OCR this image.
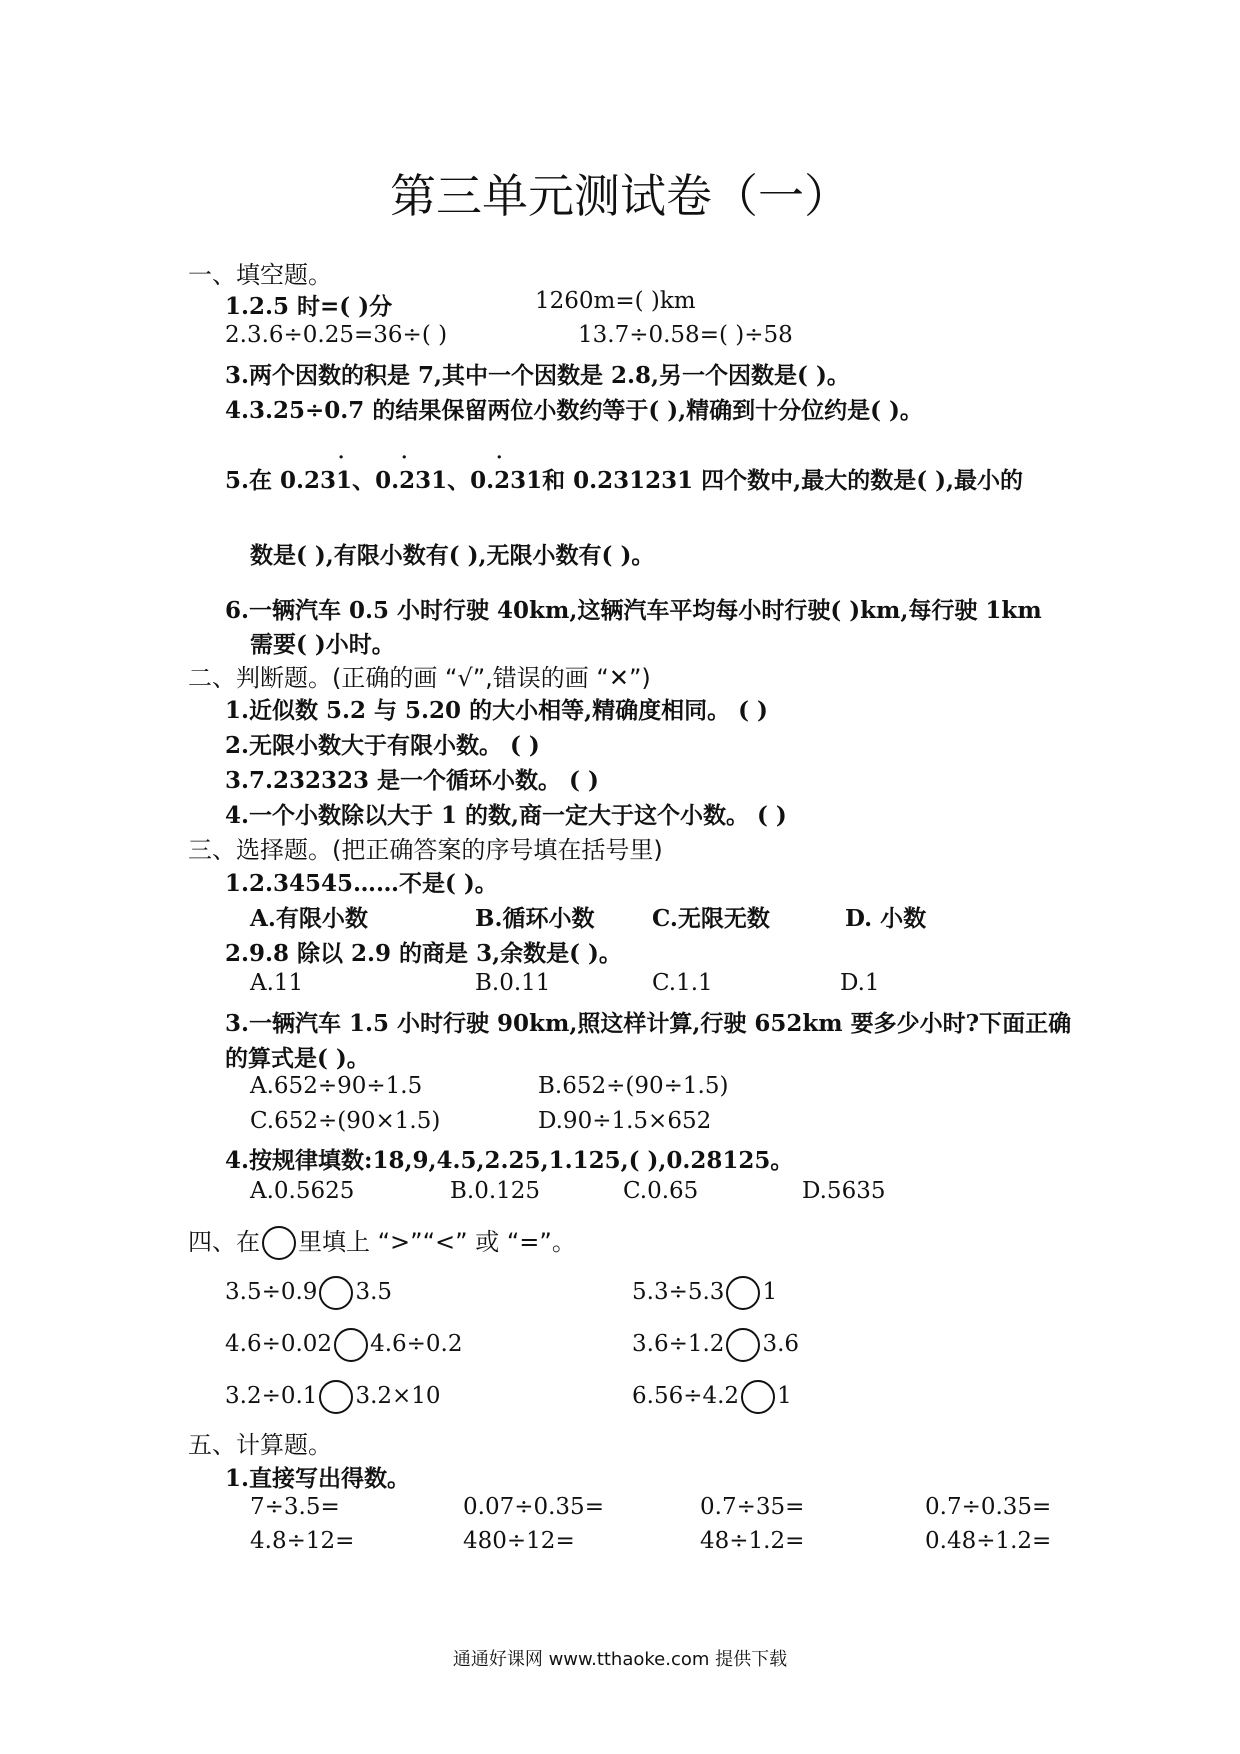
第三单元测试卷（一）
一、填空题。
1.2.5 时=( )分	1260m=( )km
2.3.6÷0.25=36÷( )	13.7÷0.58=( )÷58
3.两个因数的积是 7,其中一个因数是 2.8,另一个因数是( )。
4.3.25÷0.7 的结果保留两位小数约等于( ),精确到十分位约是( )。
5.在 0.23· 1、0.· 231、0.· 231和 0.231231 四个数中,最大的数是( ),最小的
数是( ),有限小数有( ),无限小数有( )。
6.一辆汽车 0.5 小时行驶 40km,这辆汽车平均每小时行驶( )km,每行驶 1km
需要( )小时。
二、判断题。(正确的画 “√”,错误的画 “✕”)
1.近似数 5.2 与 5.20 的大小相等,精确度相同。 ( )
2.无限小数大于有限小数。 ( )
3.7.232323 是一个循环小数。 ( )
4.一个小数除以大于 1 的数,商一定大于这个小数。 ( )
三、选择题。(把正确答案的序号填在括号里)
1.2.34545……不是( )。
A.有限小数	B.循环小数	C.无限无数	D. 小数
2.9.8 除以 2.9 的商是 3,余数是( )。
A.11	B.0.11	C.1.1	D.1
3.一辆汽车 1.5 小时行驶 90km,照这样计算,行驶 652km 要多少小时?下面正确
的算式是( )。
A.652÷90÷1.5	B.652÷(90÷1.5)
C.652÷(90×1.5)	D.90÷1.5×652
4.按规律填数:18,9,4.5,2.25,1.125,( ),0.28125。
A.0.5625	B.0.125	C.0.65	D.5635
四、在 里填上 “>”“<” 或 “=”。
3.5÷0.9 3.5	5.3÷5.3 1
4.6÷0.02 4.6÷0.2	3.6÷1.2 3.6
3.2÷0.1 3.2×10	6.56÷4.2 1
五、计算题。
1.直接写出得数。
7÷3.5=	0.07÷0.35=	0.7÷35=	0.7÷0.35=
4.8÷12=	480÷12=	48÷1.2=	0.48÷1.2=
通通好课网 www.tthaoke.com 提供下载
